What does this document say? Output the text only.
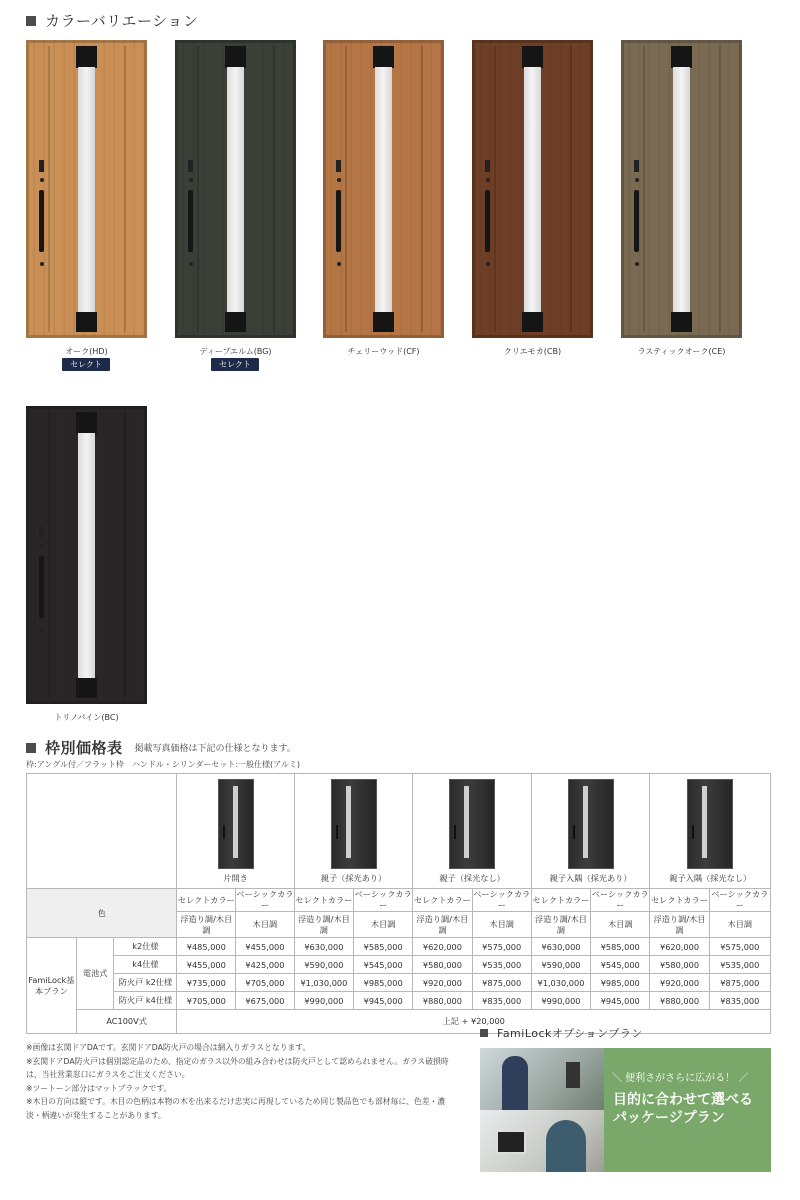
カラーバリエーション
オーク(HD)
セレクト
ディープエルム(BG)
セレクト
チェリーウッド(CF)	クリエモカ(CB)	ラスティックオーク(CE)
トリノパイン(BC)
枠別価格表 掲載写真価格は下記の仕様となります。
枠:アングル付／フラット枠　ハンドル・シリンダーセット:一般仕様(アルミ)

片開き		親子（採光あり）		親子（採光なし）		親子入隅（採光あり）		親子入隅（採光なし）	
色			セレクトカラー	ベーシックカラー	セレクトカラー	ベーシックカラー	セレクトカラー	ベーシックカラー	セレクトカラー	ベーシックカラー	セレクトカラー	ベーシックカラー
			浮造り調/木目調	木目調	浮造り調/木目調	木目調	浮造り調/木目調	木目調	浮造り調/木目調	木目調	浮造り調/木目調	木目調
FamiLock基本プラン	電池式	k2仕様	¥485,000	¥455,000	¥630,000	¥585,000	¥620,000	¥575,000	¥630,000	¥585,000	¥620,000	¥575,000
		k4仕様	¥455,000	¥425,000	¥590,000	¥545,000	¥580,000	¥535,000	¥590,000	¥545,000	¥580,000	¥535,000
		防火戸 k2仕様	¥735,000	¥705,000	¥1,030,000	¥985,000	¥920,000	¥875,000	¥1,030,000	¥985,000	¥920,000	¥875,000
		防火戸 k4仕様	¥705,000	¥675,000	¥990,000	¥945,000	¥880,000	¥835,000	¥990,000	¥945,000	¥880,000	¥835,000
	AC100V式		上記 + ¥20,000									
※画像は玄関ドアDAです。玄関ドアDA防火戸の場合は網入りガラスとなります。
※玄関ドアDA防火戸は個別認定品のため、指定のガラス以外の組み合わせは防火戸として認められません。ガラス破損時は、当社営業窓口にガラスをご注文ください。
※ツートーン部分はマットブラックです。
※木目の方向は縦です。木目の色柄は本物の木を出来るだけ忠実に再現しているため同じ製品色でも部材毎に、色差・濃淡・柄違いが発生することがあります。
FamiLockオプションプラン
＼ 便利さがさらに広がる！ ／
目的に合わせて選べる
パッケージプラン
